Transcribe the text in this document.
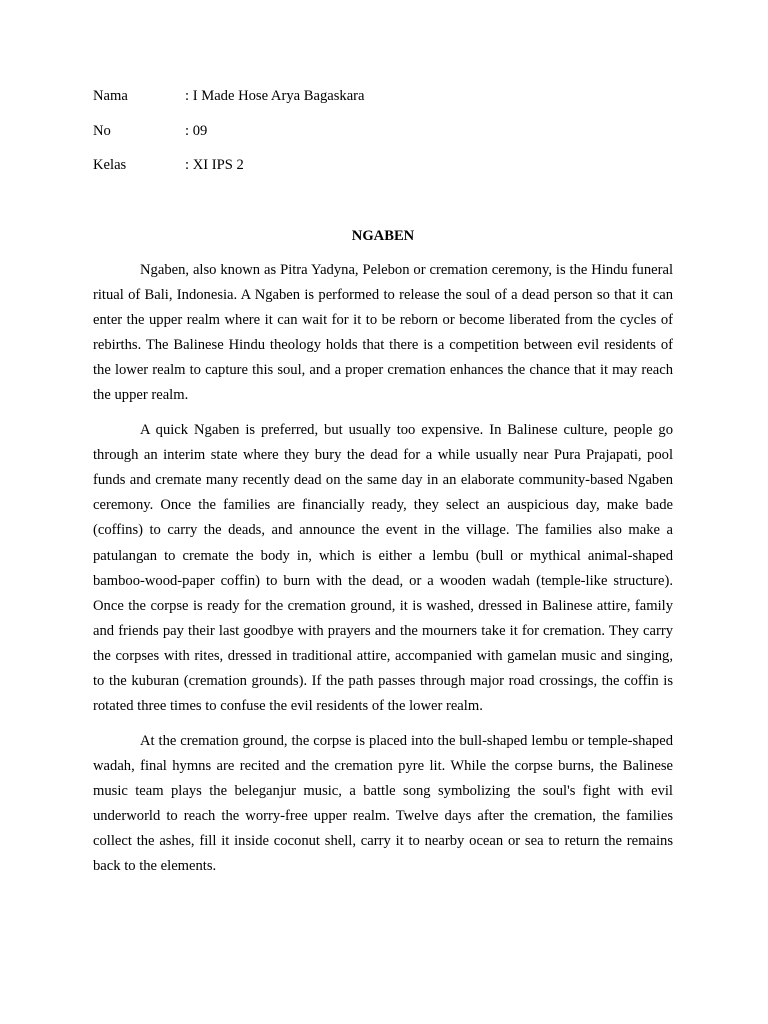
Nama	: I Made Hose Arya Bagaskara
No	: 09
Kelas	: XI IPS 2
NGABEN

Ngaben, also known as Pitra Yadyna, Pelebon or cremation ceremony, is the Hindu funeral ritual of Bali, Indonesia. A Ngaben is performed to release the soul of a dead person so that it can enter the upper realm where it can wait for it to be reborn or become liberated from the cycles of rebirths. The Balinese Hindu theology holds that there is a competition between evil residents of the lower realm to capture this soul, and a proper cremation enhances the chance that it may reach the upper realm.

A quick Ngaben is preferred, but usually too expensive. In Balinese culture, people go through an interim state where they bury the dead for a while usually near Pura Prajapati, pool funds and cremate many recently dead on the same day in an elaborate community-based Ngaben ceremony. Once the families are financially ready, they select an auspicious day, make bade (coffins) to carry the deads, and announce the event in the village. The families also make a patulangan to cremate the body in, which is either a lembu (bull or mythical animal-shaped bamboo-wood-paper coffin) to burn with the dead, or a wooden wadah (temple-like structure). Once the corpse is ready for the cremation ground, it is washed, dressed in Balinese attire, family and friends pay their last goodbye with prayers and the mourners take it for cremation. They carry the corpses with rites, dressed in traditional attire, accompanied with gamelan music and singing, to the kuburan (cremation grounds). If the path passes through major road crossings, the coffin is rotated three times to confuse the evil residents of the lower realm.

At the cremation ground, the corpse is placed into the bull-shaped lembu or temple-shaped wadah, final hymns are recited and the cremation pyre lit. While the corpse burns, the Balinese music team plays the beleganjur music, a battle song symbolizing the soul's fight with evil underworld to reach the worry-free upper realm. Twelve days after the cremation, the families collect the ashes, fill it inside coconut shell, carry it to nearby ocean or sea to return the remains back to the elements.
